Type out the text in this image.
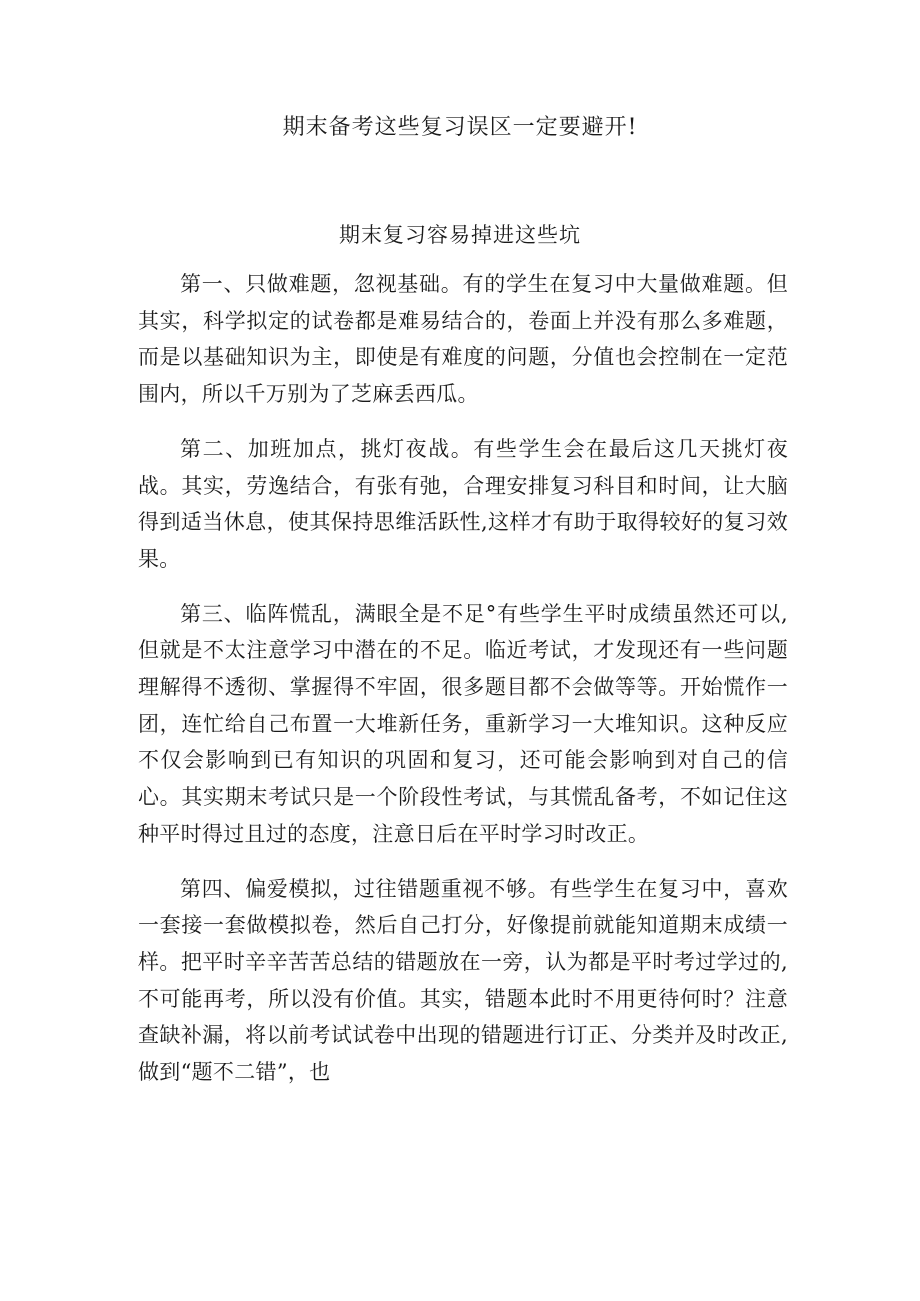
期末备考这些复习误区一定要避开!
期末复习容易掉进这些坑

第一、只做难题，忽视基础。有的学生在复习中大量做难题。但其实，科学拟定的试卷都是难易结合的，卷面上并没有那么多难题，而是以基础知识为主，即使是有难度的问题，分值也会控制在一定范围内，所以千万别为了芝麻丢西瓜。

第二、加班加点，挑灯夜战。有些学生会在最后这几天挑灯夜战。其实，劳逸结合，有张有弛，合理安排复习科目和时间，让大脑得到适当休息，使其保持思维活跃性,这样才有助于取得较好的复习效果。

第三、临阵慌乱，满眼全是不足°有些学生平时成绩虽然还可以,但就是不太注意学习中潜在的不足。临近考试，才发现还有一些问题理解得不透彻、掌握得不牢固，很多题目都不会做等等。开始慌作一团，连忙给自己布置一大堆新任务，重新学习一大堆知识。这种反应不仅会影响到已有知识的巩固和复习，还可能会影响到对自己的信心。其实期末考试只是一个阶段性考试，与其慌乱备考，不如记住这种平时得过且过的态度，注意日后在平时学习时改正。

第四、偏爱模拟，过往错题重视不够。有些学生在复习中，喜欢一套接一套做模拟卷，然后自己打分，好像提前就能知道期末成绩一样。把平时辛辛苦苦总结的错题放在一旁，认为都是平时考过学过的,不可能再考，所以没有价值。其实，错题本此时不用更待何时？注意查缺补漏，将以前考试试卷中出现的错题进行订正、分类并及时改正,做到“题不二错”，也
